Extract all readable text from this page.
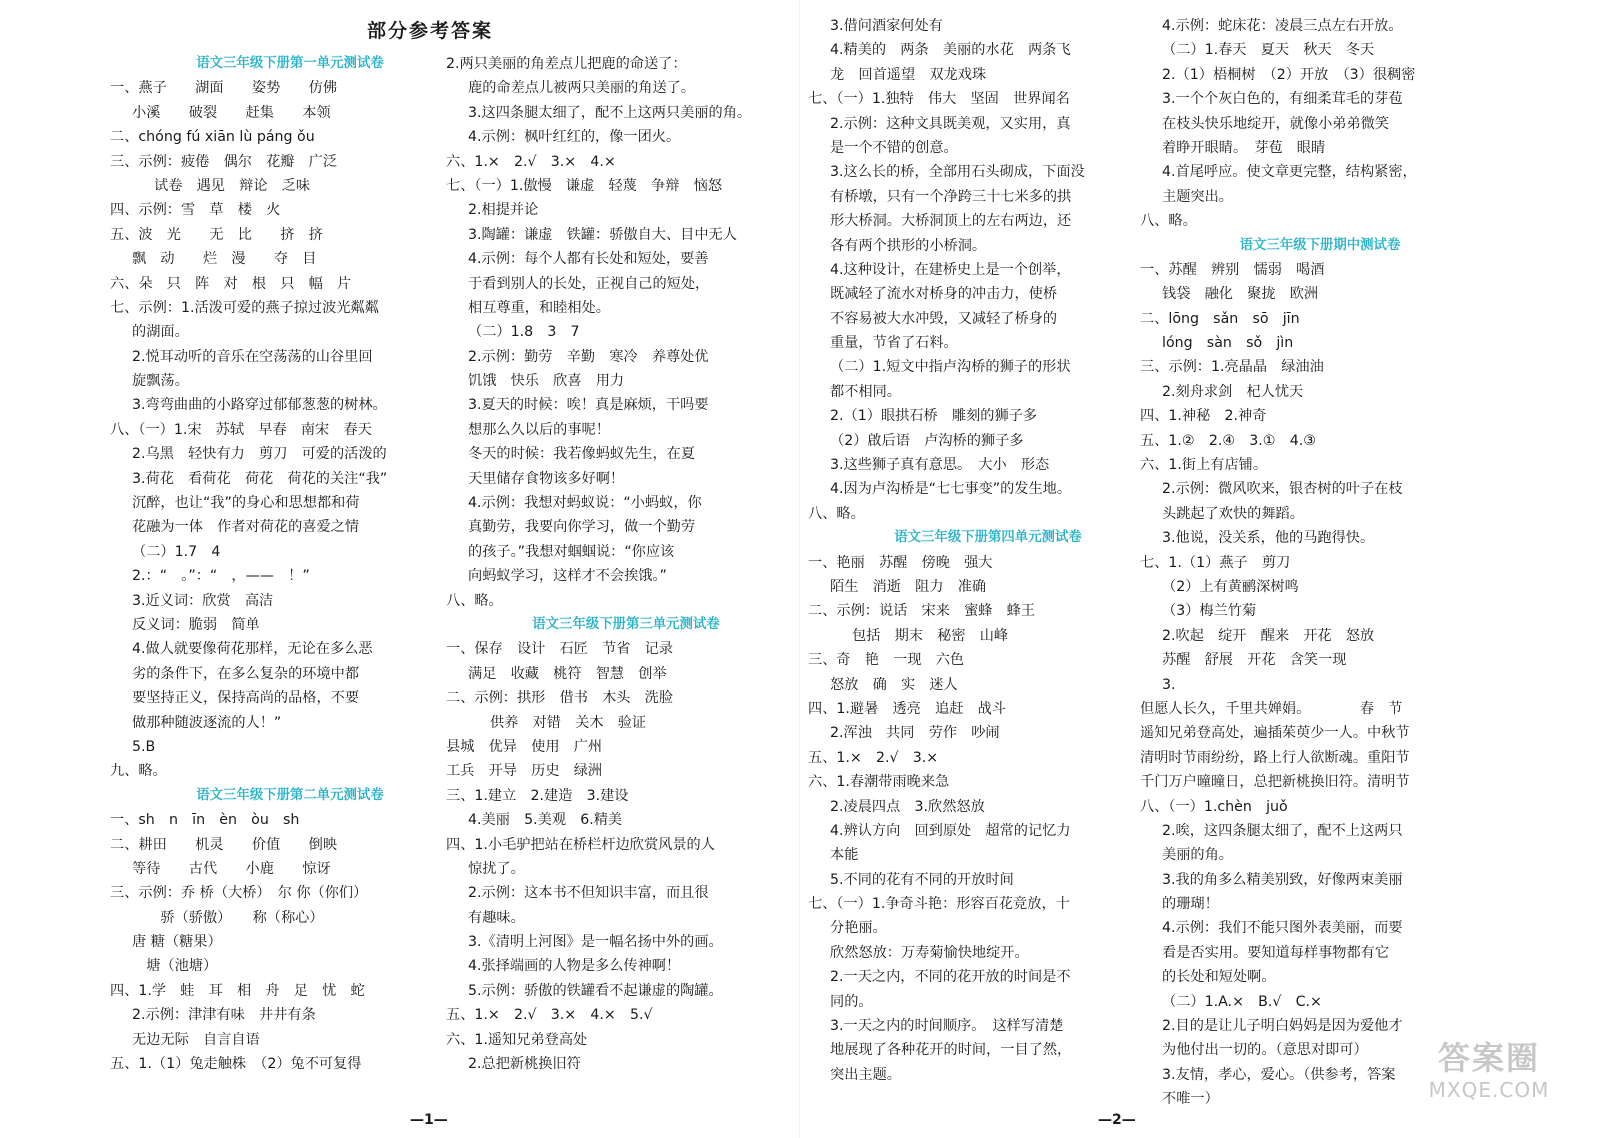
部分参考答案
语文三年级下册第一单元测试卷
一、燕子　　湖面　　姿势　　仿佛
小溪　　破裂　　赶集　　本领
二、chóng fú xiān lù páng ǒu
三、示例：疲倦　偶尔　花瓣　广泛
试卷　遇见　辩论　乏味
四、示例：雪　草　楼　火
五、波　光　　无　比　　挤　挤
飘　动　　烂　漫　　夺　目
六、朵　只　阵　对　根　只　幅　片
七、示例：1.活泼可爱的燕子掠过波光粼粼
的湖面。
2.悦耳动听的音乐在空荡荡的山谷里回
旋飘荡。
3.弯弯曲曲的小路穿过郁郁葱葱的树林。
八、（一）1.宋　苏轼　早春　南宋　春天
2.乌黑　轻快有力　剪刀　可爱的活泼的
3.荷花　看荷花　荷花　荷花的关注“我”
沉醉，也让“我”的身心和思想都和荷
花融为一体　作者对荷花的喜爱之情
（二）1.7　4
2.：“　。”：“　，——　！”
3.近义词：欣赏　高洁
反义词：脆弱　简单
4.做人就要像荷花那样，无论在多么恶
劣的条件下，在多么复杂的环境中都
要坚持正义，保持高尚的品格，不要
做那种随波逐流的人！”
5.B
九、略。
语文三年级下册第二单元测试卷
一、sh　n　īn　èn　òu　sh
二、耕田　　机灵　　价值　　倒映
等待　　古代　　小鹿　　惊讶
三、示例：乔 桥（大桥）　尔 你（你们）
　　骄（骄傲）　　称（称心）
唐 糖（糖果）
　塘（池塘）
四、1.学　蛙　耳　相　舟　足　忧　蛇
2.示例：津津有味　井井有条
无边无际　自言自语
五、1.（1）兔走触株　（2）兔不可复得
2.两只美丽的角差点儿把鹿的命送了：
鹿的命差点儿被两只美丽的角送了。
3.这四条腿太细了，配不上这两只美丽的角。
4.示例：枫叶红红的，像一团火。
六、1.×　2.√　3.×　4.×
七、（一）1.傲慢　谦虚　轻蔑　争辩　恼怒
2.相提并论
3.陶罐：谦虚　铁罐：骄傲自大、目中无人
4.示例：每个人都有长处和短处，要善
于看到别人的长处，正视自己的短处，
相互尊重，和睦相处。
（二）1.8　3　7
2.示例：勤劳　辛勤　寒冷　养尊处优
饥饿　快乐　欣喜　用力
3.夏天的时候：唉！真是麻烦，干吗要
想那么久以后的事呢！
冬天的时候：我若像蚂蚁先生，在夏
天里储存食物该多好啊！
4.示例：我想对蚂蚁说：“小蚂蚁，你
真勤劳，我要向你学习，做一个勤劳
的孩子。”我想对蝈蝈说：“你应该
向蚂蚁学习，这样才不会挨饿。”
八、略。
语文三年级下册第三单元测试卷
一、保存　设计　石匠　节省　记录
满足　收藏　桃符　智慧　创举
二、示例：拱形　借书　木头　洗脸
供养　对错　关木　验证
县城　优异　使用　广州
工兵　开导　历史　绿洲
三、1.建立　2.建造　3.建设
4.美丽　5.美观　6.精美
四、1.小毛驴把站在桥栏杆边欣赏风景的人
惊扰了。
2.示例：这本书不但知识丰富，而且很
有趣味。
3.《清明上河图》是一幅名扬中外的画。
4.张择端画的人物是多么传神啊！
5.示例：骄傲的铁罐看不起谦虚的陶罐。
五、1.×　2.√　3.×　4.×　5.√
六、1.遥知兄弟登高处
2.总把新桃换旧符
3.借问酒家何处有
4.精美的　两条　美丽的水花　两条飞
龙　回首遥望　双龙戏珠
七、（一）1.独特　伟大　坚固　世界闻名
2.示例：这种文具既美观，又实用，真
是一个不错的创意。
3.这么长的桥，全部用石头砌成，下面没
有桥墩，只有一个净跨三十七米多的拱
形大桥洞。大桥洞顶上的左右两边，还
各有两个拱形的小桥洞。
4.这种设计，在建桥史上是一个创举，
既减轻了流水对桥身的冲击力，使桥
不容易被大水冲毁，又减轻了桥身的
重量，节省了石料。
（二）1.短文中指卢沟桥的狮子的形状
都不相同。
2.（1）眼拱石桥　雕刻的狮子多
（2）啟后语　卢沟桥的狮子多
3.这些狮子真有意思。　大小　形态
4.因为卢沟桥是“七七事变”的发生地。
八、略。
语文三年级下册第四单元测试卷
一、艳丽　苏醒　傍晚　强大
陌生　消逝　阻力　准确
二、示例：说话　宋来　蜜蜂　蜂王
包括　期末　秘密　山峰
三、奇　艳　一现　六色
怒放　确　实　迷人
四、1.避暑　透亮　追赶　战斗
2.浑浊　共同　劳作　吵闹
五、1.×　2.√　3.×
六、1.春潮带雨晚来急
2.凌晨四点　3.欣然怒放
4.辨认方向　回到原处　超常的记忆力
本能
5.不同的花有不同的开放时间
七、（一）1.争奇斗艳：形容百花竞放，十
分艳丽。
欣然怒放：万寿菊愉快地绽开。
2.一天之内，不同的花开放的时间是不
同的。
3.一天之内的时间顺序。　这样写清楚
地展现了各种花开的时间，一目了然，
突出主题。
4.示例：蛇床花：凌晨三点左右开放。
（二）1.春天　夏天　秋天　冬天
2.（1）梧桐树　（2）开放　（3）很稠密
3.一个个灰白色的，有细柔茸毛的芽苞
在枝头快乐地绽开，就像小弟弟微笑
着睁开眼睛。　芽苞　眼睛
4.首尾呼应。使文章更完整，结构紧密，
主题突出。
八、略。
语文三年级下册期中测试卷
一、苏醒　辨别　懦弱　喝酒
钱袋　融化　聚拢　欧洲
二、lōng　sǎn　sō　jīn
lóng　sàn　sǒ　jìn
三、示例：1.亮晶晶　绿油油
2.刻舟求剑　杞人忧天
四、1.神秘　2.神奇
五、1.②　2.④　3.①　4.③
六、1.街上有店铺。
2.示例：微风吹来，银杏树的叶子在枝
头跳起了欢快的舞蹈。
3.他说，没关系，他的马跑得快。
七、1.（1）燕子　剪刀
（2）上有黄鹂深树鸣
（3）梅兰竹菊
2.吹起　绽开　醒来　开花　怒放
苏醒　舒展　开花　含笑一现
3.
但愿人长久，千里共婵娟。　　　　春　节
遥知兄弟登高处，遍插茱萸少一人。中秋节
清明时节雨纷纷，路上行人欲断魂。重阳节
千门万户曈曈日，总把新桃换旧符。清明节
八、（一）1.chèn　juǒ
2.唉，这四条腿太细了，配不上这两只
美丽的角。
3.我的角多么精美别致，好像两束美丽
的珊瑚！
4.示例：我们不能只图外表美丽，而要
看是否实用。要知道每样事物都有它
的长处和短处啊。
（二）1.A.×　B.√　C.×
2.目的是让儿子明白妈妈是因为爱他才
为他付出一切的。（意思对即可）
3.友情，孝心，爱心。（供参考，答案
不唯一）
—1—	—2—
答案圈
MXQE.COM
